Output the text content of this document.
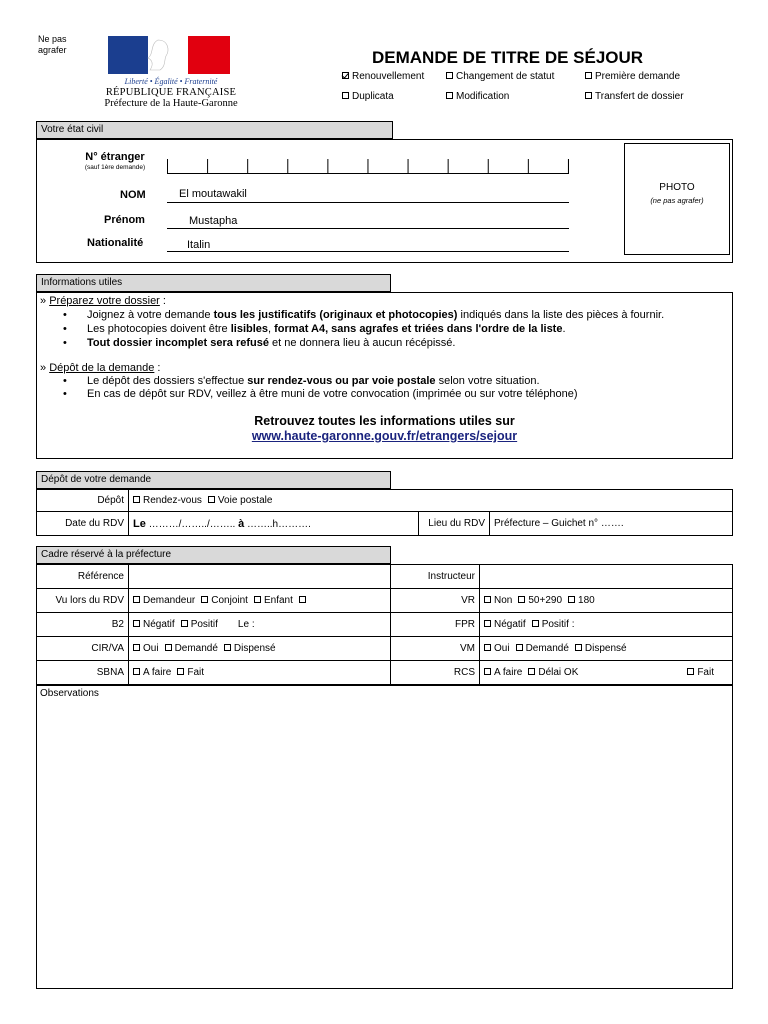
Ne pas
agrafer
Liberté • Égalité • Fraternité
RÉPUBLIQUE FRANÇAISE
Préfecture de la Haute-Garonne
DEMANDE DE TITRE DE SÉJOUR
Renouvellement	Changement de statut	Première demande
Duplicata	Modification	Transfert de dossier
Votre état civil
N° étranger
(sauf 1ère demande)
NOM	El moutawakil
Prénom	Mustapha
Nationalité	Italin
PHOTO
(ne pas agrafer)
Informations utiles
» Préparez votre dossier :
• Joignez à votre demande tous les justificatifs (originaux et photocopies) indiqués dans la liste des pièces à fournir.
• Les photocopies doivent être lisibles, format A4, sans agrafes et triées dans l'ordre de la liste.
• Tout dossier incomplet sera refusé et ne donnera lieu à aucun récépissé.
» Dépôt de la demande :
• Le dépôt des dossiers s'effectue sur rendez-vous ou par voie postale selon votre situation.
• En cas de dépôt sur RDV, veillez à être muni de votre convocation (imprimée ou sur votre téléphone)
Retrouvez toutes les informations utiles sur
www.haute-garonne.gouv.fr/etrangers/sejour
Dépôt de votre demande
Dépôt	Rendez-vous Voie postale		
Date du RDV	Le ………/……../…….. à ……..h……….	Lieu du RDV	Préfecture – Guichet n° …….
Cadre réservé à la préfecture
Référence		Instructeur	
Vu lors du RDV	Demandeur Conjoint Enfant	VR	Non 50+290 180
B2	Négatif Positif Le :	FPR	Négatif Positif :
CIR/VA	Oui Demandé Dispensé	VM	Oui Demandé Dispensé
SBNA	A faire Fait	RCS	A faire Délai OK Fait
Observations
